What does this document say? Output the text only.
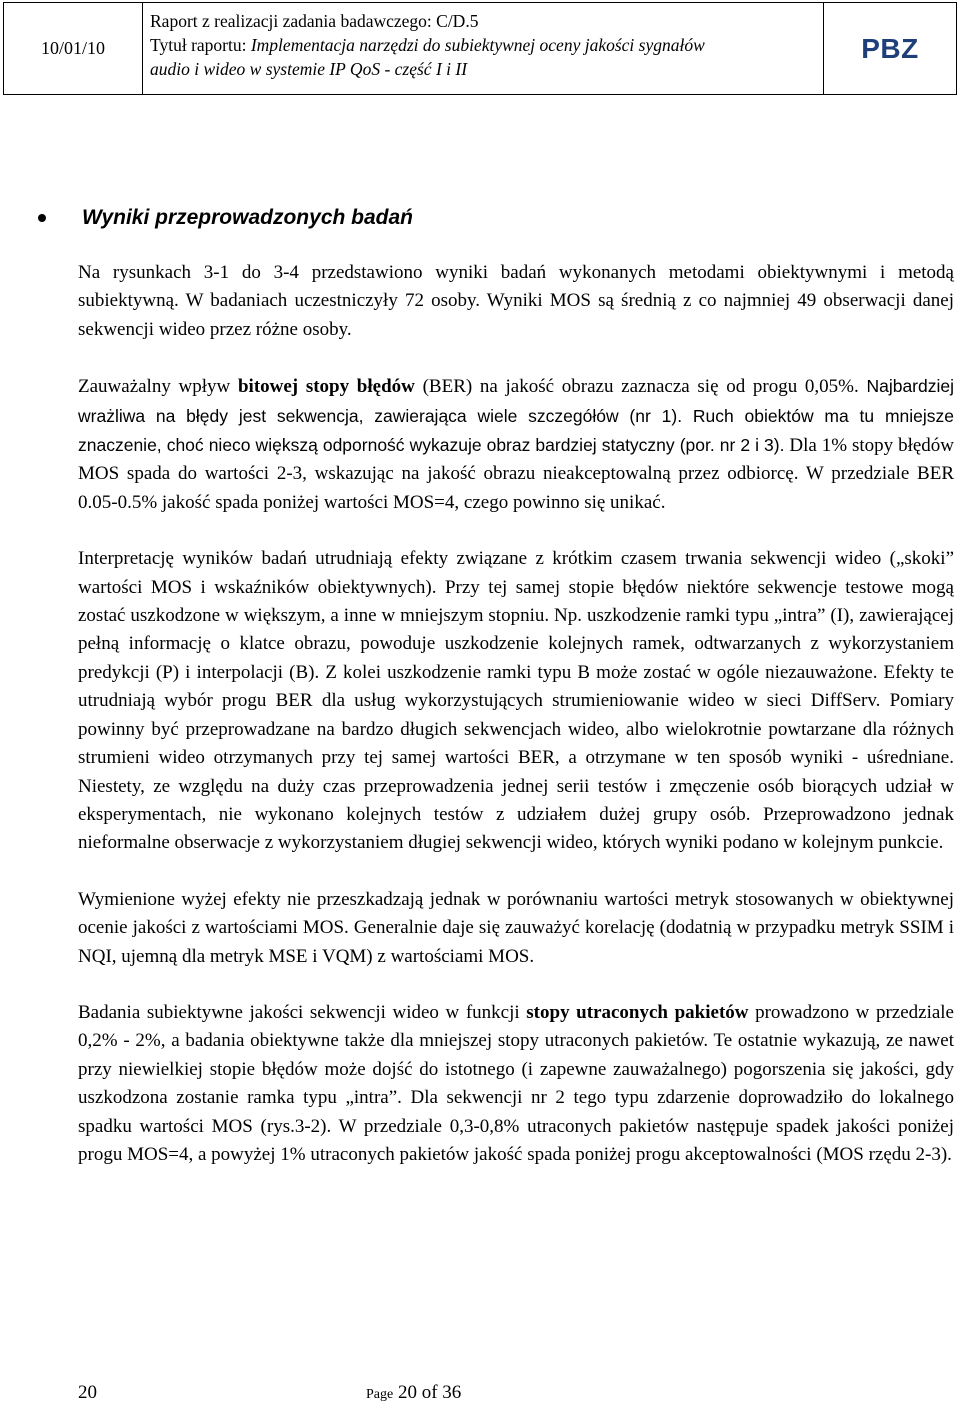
10/01/10
Raport z realizacji zadania badawczego: C/D.5
Tytuł raportu: Implementacja narzędzi do subiektywnej oceny jakości sygnałów
audio i wideo w systemie IP QoS - część I i II
PBZ
Wyniki przeprowadzonych badań

Na rysunkach 3-1 do 3-4 przedstawiono wyniki badań wykonanych metodami obiektywnymi i metodą subiektywną. W badaniach uczestniczyły 72 osoby. Wyniki MOS są średnią z co najmniej 49 obserwacji danej sekwencji wideo przez różne osoby.

Zauważalny wpływ bitowej stopy błędów (BER) na jakość obrazu zaznacza się od progu 0,05%. Najbardziej wrażliwa na błędy jest sekwencja, zawierająca wiele szczegółów (nr 1). Ruch obiektów ma tu mniejsze znaczenie, choć nieco większą odporność wykazuje obraz bardziej statyczny (por. nr 2 i 3). Dla 1% stopy błędów MOS spada do wartości 2-3, wskazując na jakość obrazu nieakceptowalną przez odbiorcę. W przedziale BER 0.05-0.5% jakość spada poniżej wartości MOS=4, czego powinno się unikać.

Interpretację wyników badań utrudniają efekty związane z krótkim czasem trwania sekwencji wideo („skoki” wartości MOS i wskaźników obiektywnych). Przy tej samej stopie błędów niektóre sekwencje testowe mogą zostać uszkodzone w większym, a inne w mniejszym stopniu. Np. uszkodzenie ramki typu „intra” (I), zawierającej pełną informację o klatce obrazu, powoduje uszkodzenie kolejnych ramek, odtwarzanych z wykorzystaniem predykcji (P) i interpolacji (B). Z kolei uszkodzenie ramki typu B może zostać w ogóle niezauważone. Efekty te utrudniają wybór progu BER dla usług wykorzystujących strumieniowanie wideo w sieci DiffServ. Pomiary powinny być przeprowadzane na bardzo długich sekwencjach wideo, albo wielokrotnie powtarzane dla różnych strumieni wideo otrzymanych przy tej samej wartości BER, a otrzymane w ten sposób wyniki - uśredniane. Niestety, ze względu na duży czas przeprowadzenia jednej serii testów i zmęczenie osób biorących udział w eksperymentach, nie wykonano kolejnych testów z udziałem dużej grupy osób. Przeprowadzono jednak nieformalne obserwacje z wykorzystaniem długiej sekwencji wideo, których wyniki podano w kolejnym punkcie.

Wymienione wyżej efekty nie przeszkadzają jednak w porównaniu wartości metryk stosowanych w obiektywnej ocenie jakości z wartościami MOS. Generalnie daje się zauważyć korelację (dodatnią w przypadku metryk SSIM i NQI, ujemną dla metryk MSE i VQM) z wartościami MOS.

Badania subiektywne jakości sekwencji wideo w funkcji stopy utraconych pakietów prowadzono w przedziale 0,2% - 2%, a badania obiektywne także dla mniejszej stopy utraconych pakietów. Te ostatnie wykazują, ze nawet przy niewielkiej stopie błędów może dojść do istotnego (i zapewne zauważalnego) pogorszenia się jakości, gdy uszkodzona zostanie ramka typu „intra”. Dla sekwencji nr 2 tego typu zdarzenie doprowadziło do lokalnego spadku wartości MOS (rys.3-2). W przedziale 0,3-0,8% utraconych pakietów następuje spadek jakości poniżej progu MOS=4, a powyżej 1% utraconych pakietów jakość spada poniżej progu akceptowalności (MOS rzędu 2-3).

20	Page 20 of 36
